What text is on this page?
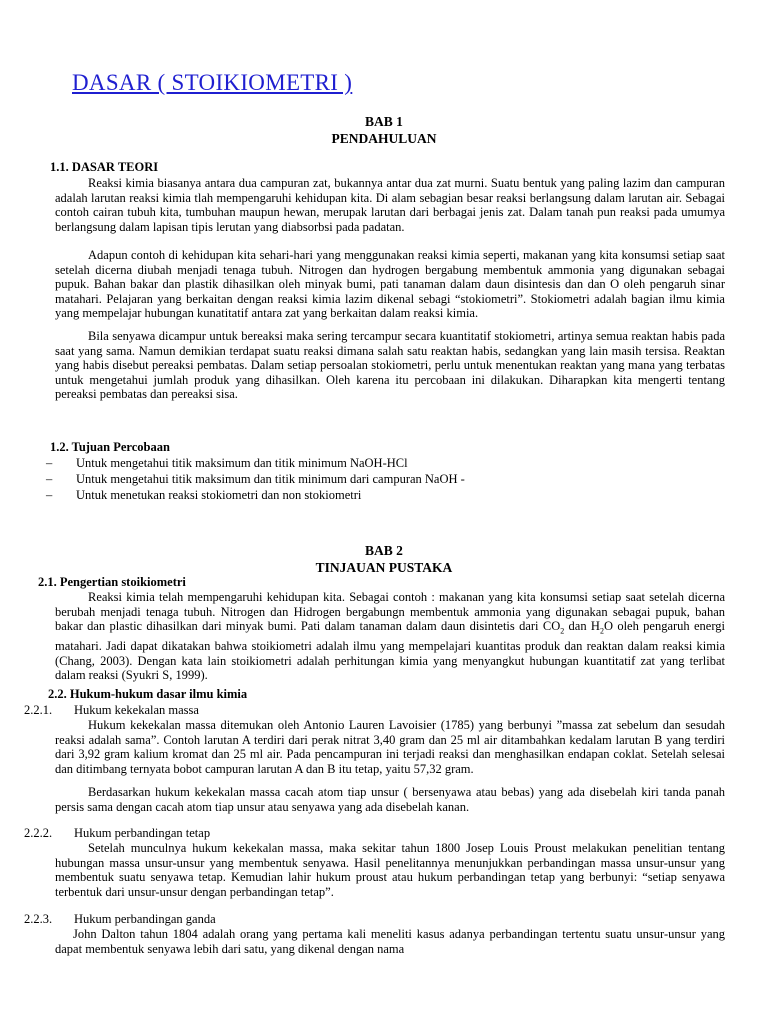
DASAR ( STOIKIOMETRI )
BAB 1
PENDAHULUAN
1.1. DASAR TEORI

Reaksi kimia biasanya antara dua campuran zat, bukannya antar dua zat murni. Suatu bentuk yang paling lazim dan campuran adalah larutan reaksi kimia tlah mempengaruhi kehidupan kita. Di alam sebagian besar reaksi berlangsung dalam larutan air. Sebagai contoh cairan tubuh kita, tumbuhan maupun hewan, merupak larutan dari berbagai jenis zat. Dalam tanah pun reaksi pada umumya berlangsung dalam lapisan tipis lerutan yang diabsorbsi pada padatan.

Adapun contoh di kehidupan kita sehari-hari yang menggunakan reaksi kimia seperti, makanan yang kita konsumsi setiap saat setelah dicerna diubah menjadi tenaga tubuh. Nitrogen dan hydrogen bergabung membentuk ammonia yang digunakan sebagai pupuk. Bahan bakar dan plastik dihasilkan oleh minyak bumi, pati tanaman dalam daun disintesis dan dan O oleh pengaruh sinar matahari. Pelajaran yang berkaitan dengan reaksi kimia lazim dikenal sebagi “stokiometri”. Stokiometri adalah bagian ilmu kimia yang mempelajar hubungan kunatitatif antara zat yang berkaitan dalam reaksi kimia.

Bila senyawa dicampur untuk bereaksi maka sering tercampur secara kuantitatif stokiometri, artinya semua reaktan habis pada saat yang sama. Namun demikian terdapat suatu reaksi dimana salah satu reaktan habis, sedangkan yang lain masih tersisa. Reaktan yang habis disebut pereaksi pembatas. Dalam setiap persoalan stokiometri, perlu untuk menentukan reaktan yang mana yang terbatas untuk mengetahui jumlah produk yang dihasilkan. Oleh karena itu percobaan ini dilakukan. Diharapkan kita mengerti tentang pereaksi pembatas dan pereaksi sisa.

1.2. Tujuan Percobaan
– Untuk mengetahui titik maksimum dan titik minimum NaOH-HCl
– Untuk mengetahui titik maksimum dan titik minimum dari campuran NaOH -
– Untuk menetukan reaksi stokiometri dan non stokiometri
BAB 2
TINJAUAN PUSTAKA
2.1. Pengertian stoikiometri

Reaksi kimia telah mempengaruhi kehidupan kita. Sebagai contoh : makanan yang kita konsumsi setiap saat setelah dicerna berubah menjadi tenaga tubuh. Nitrogen dan Hidrogen bergabungn membentuk ammonia yang digunakan sebagai pupuk, bahan bakar dan plastic dihasilkan dari minyak bumi. Pati dalam tanaman dalam daun disintetis dari $CO_2$ dan $H_2O$ oleh pengaruh energi matahari. Jadi dapat dikatakan bahwa stoikiometri adalah ilmu yang mempelajari kuantitas produk dan reaktan dalam reaksi kimia (Chang, 2003). Dengan kata lain stoikiometri adalah perhitungan kimia yang menyangkut hubungan kuantitatif zat yang terlibat dalam reaksi (Syukri S, 1999).

2.2. Hukum-hukum dasar ilmu kimia
2.2.1. Hukum kekekalan massa

Hukum kekekalan massa ditemukan oleh Antonio Lauren Lavoisier (1785) yang berbunyi ”massa zat sebelum dan sesudah reaksi adalah sama”. Contoh larutan A terdiri dari perak nitrat 3,40 gram dan 25 ml air ditambahkan kedalam larutan B yang terdiri dari 3,92 gram kalium kromat dan 25 ml air. Pada pencampuran ini terjadi reaksi dan menghasilkan endapan coklat. Setelah selesai dan ditimbang ternyata bobot campuran larutan A dan B itu tetap, yaitu 57,32 gram.

Berdasarkan hukum kekekalan massa cacah atom tiap unsur ( bersenyawa atau bebas) yang ada disebelah kiri tanda panah persis sama dengan cacah atom tiap unsur atau senyawa yang ada disebelah kanan.

2.2.2. Hukum perbandingan tetap

Setelah munculnya hukum kekekalan massa, maka sekitar tahun 1800 Josep Louis Proust melakukan penelitian tentang hubungan massa unsur-unsur yang membentuk senyawa. Hasil penelitannya menunjukkan perbandingan massa unsur-unsur yang membentuk suatu senyawa tetap. Kemudian lahir hukum proust atau hukum perbandingan tetap yang berbunyi: “setiap senyawa terbentuk dari unsur-unsur dengan perbandingan tetap”.

2.2.3. Hukum perbandingan ganda

John Dalton tahun 1804 adalah orang yang pertama kali meneliti kasus adanya perbandingan tertentu suatu unsur-unsur yang dapat membentuk senyawa lebih dari satu, yang dikenal dengan nama
